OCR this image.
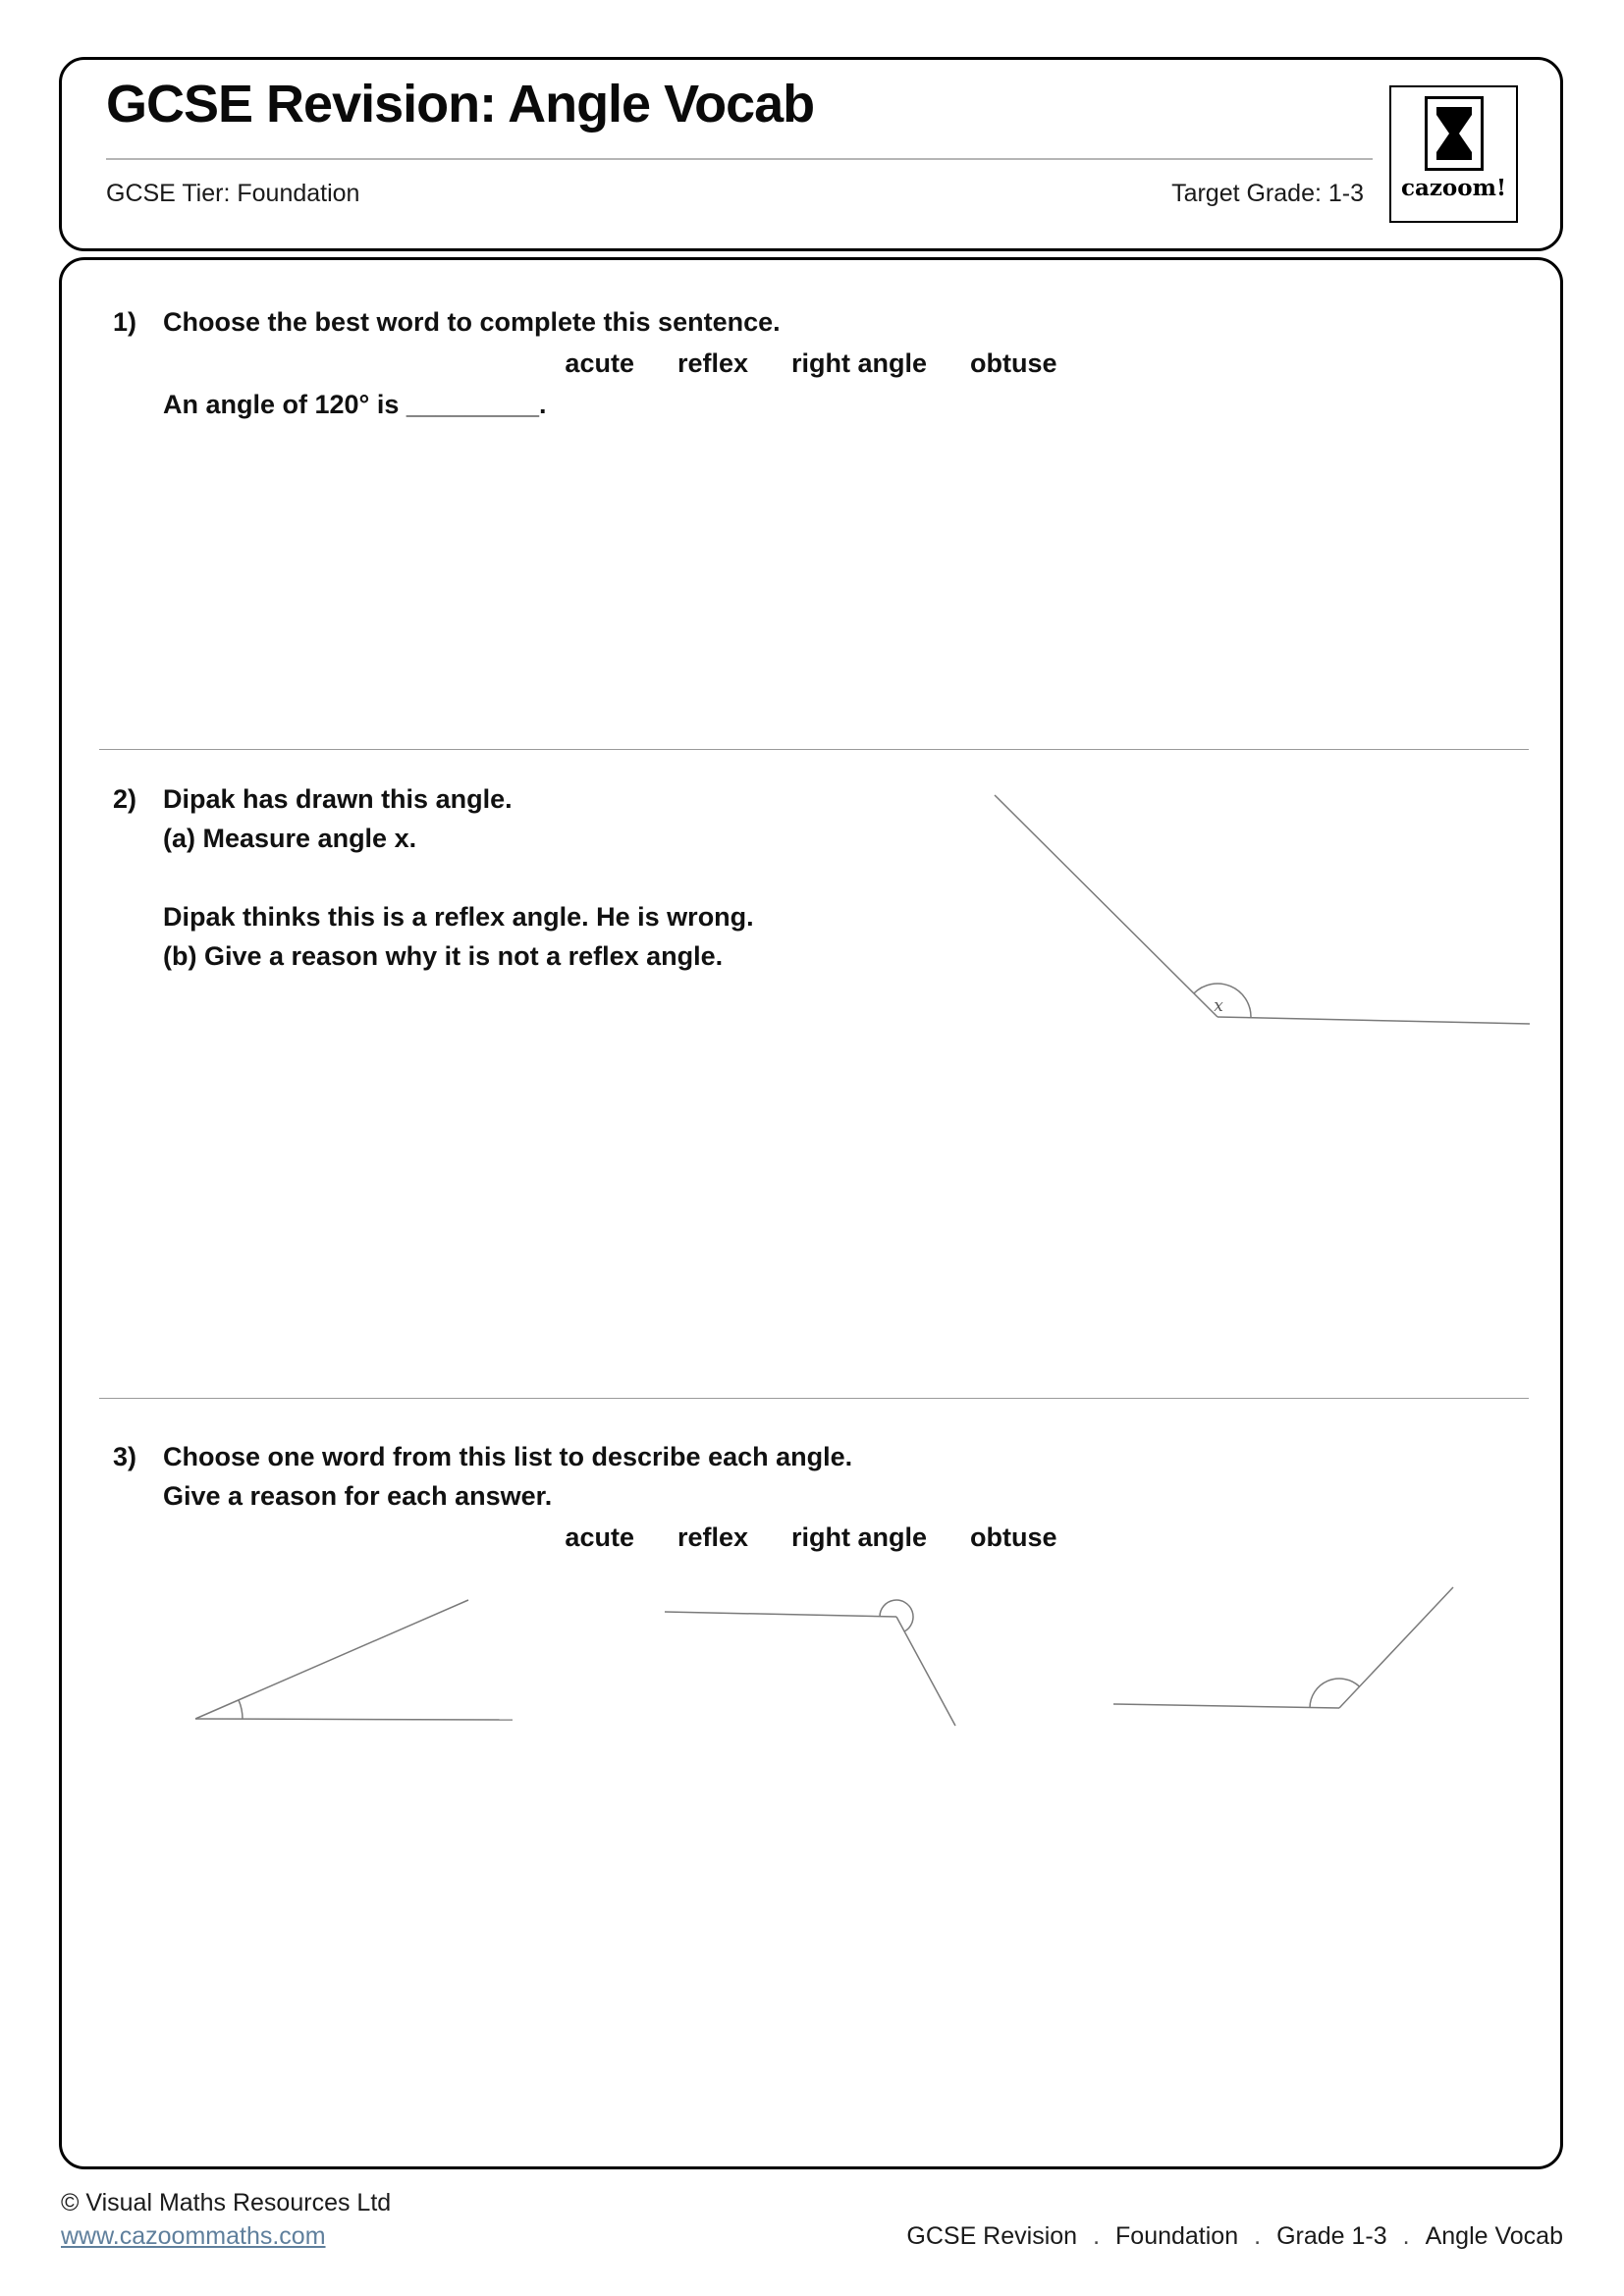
GCSE Revision: Angle Vocab
GCSE Tier: Foundation	Target Grade: 1-3 cazoom!
1) Choose the best word to complete this sentence.
acute reflex right angle obtuse
An angle of 120° is _________.
2) Dipak has drawn this angle.
(a) Measure angle x.
Dipak thinks this is a reflex angle. He is wrong.
(b) Give a reason why it is not a reflex angle.
x
3) Choose one word from this list to describe each angle.
Give a reason for each answer.
acute reflex right angle obtuse
© Visual Maths Resources Ltd
www.cazoommaths.com	GCSE Revision . Foundation . Grade 1-3 . Angle Vocab
